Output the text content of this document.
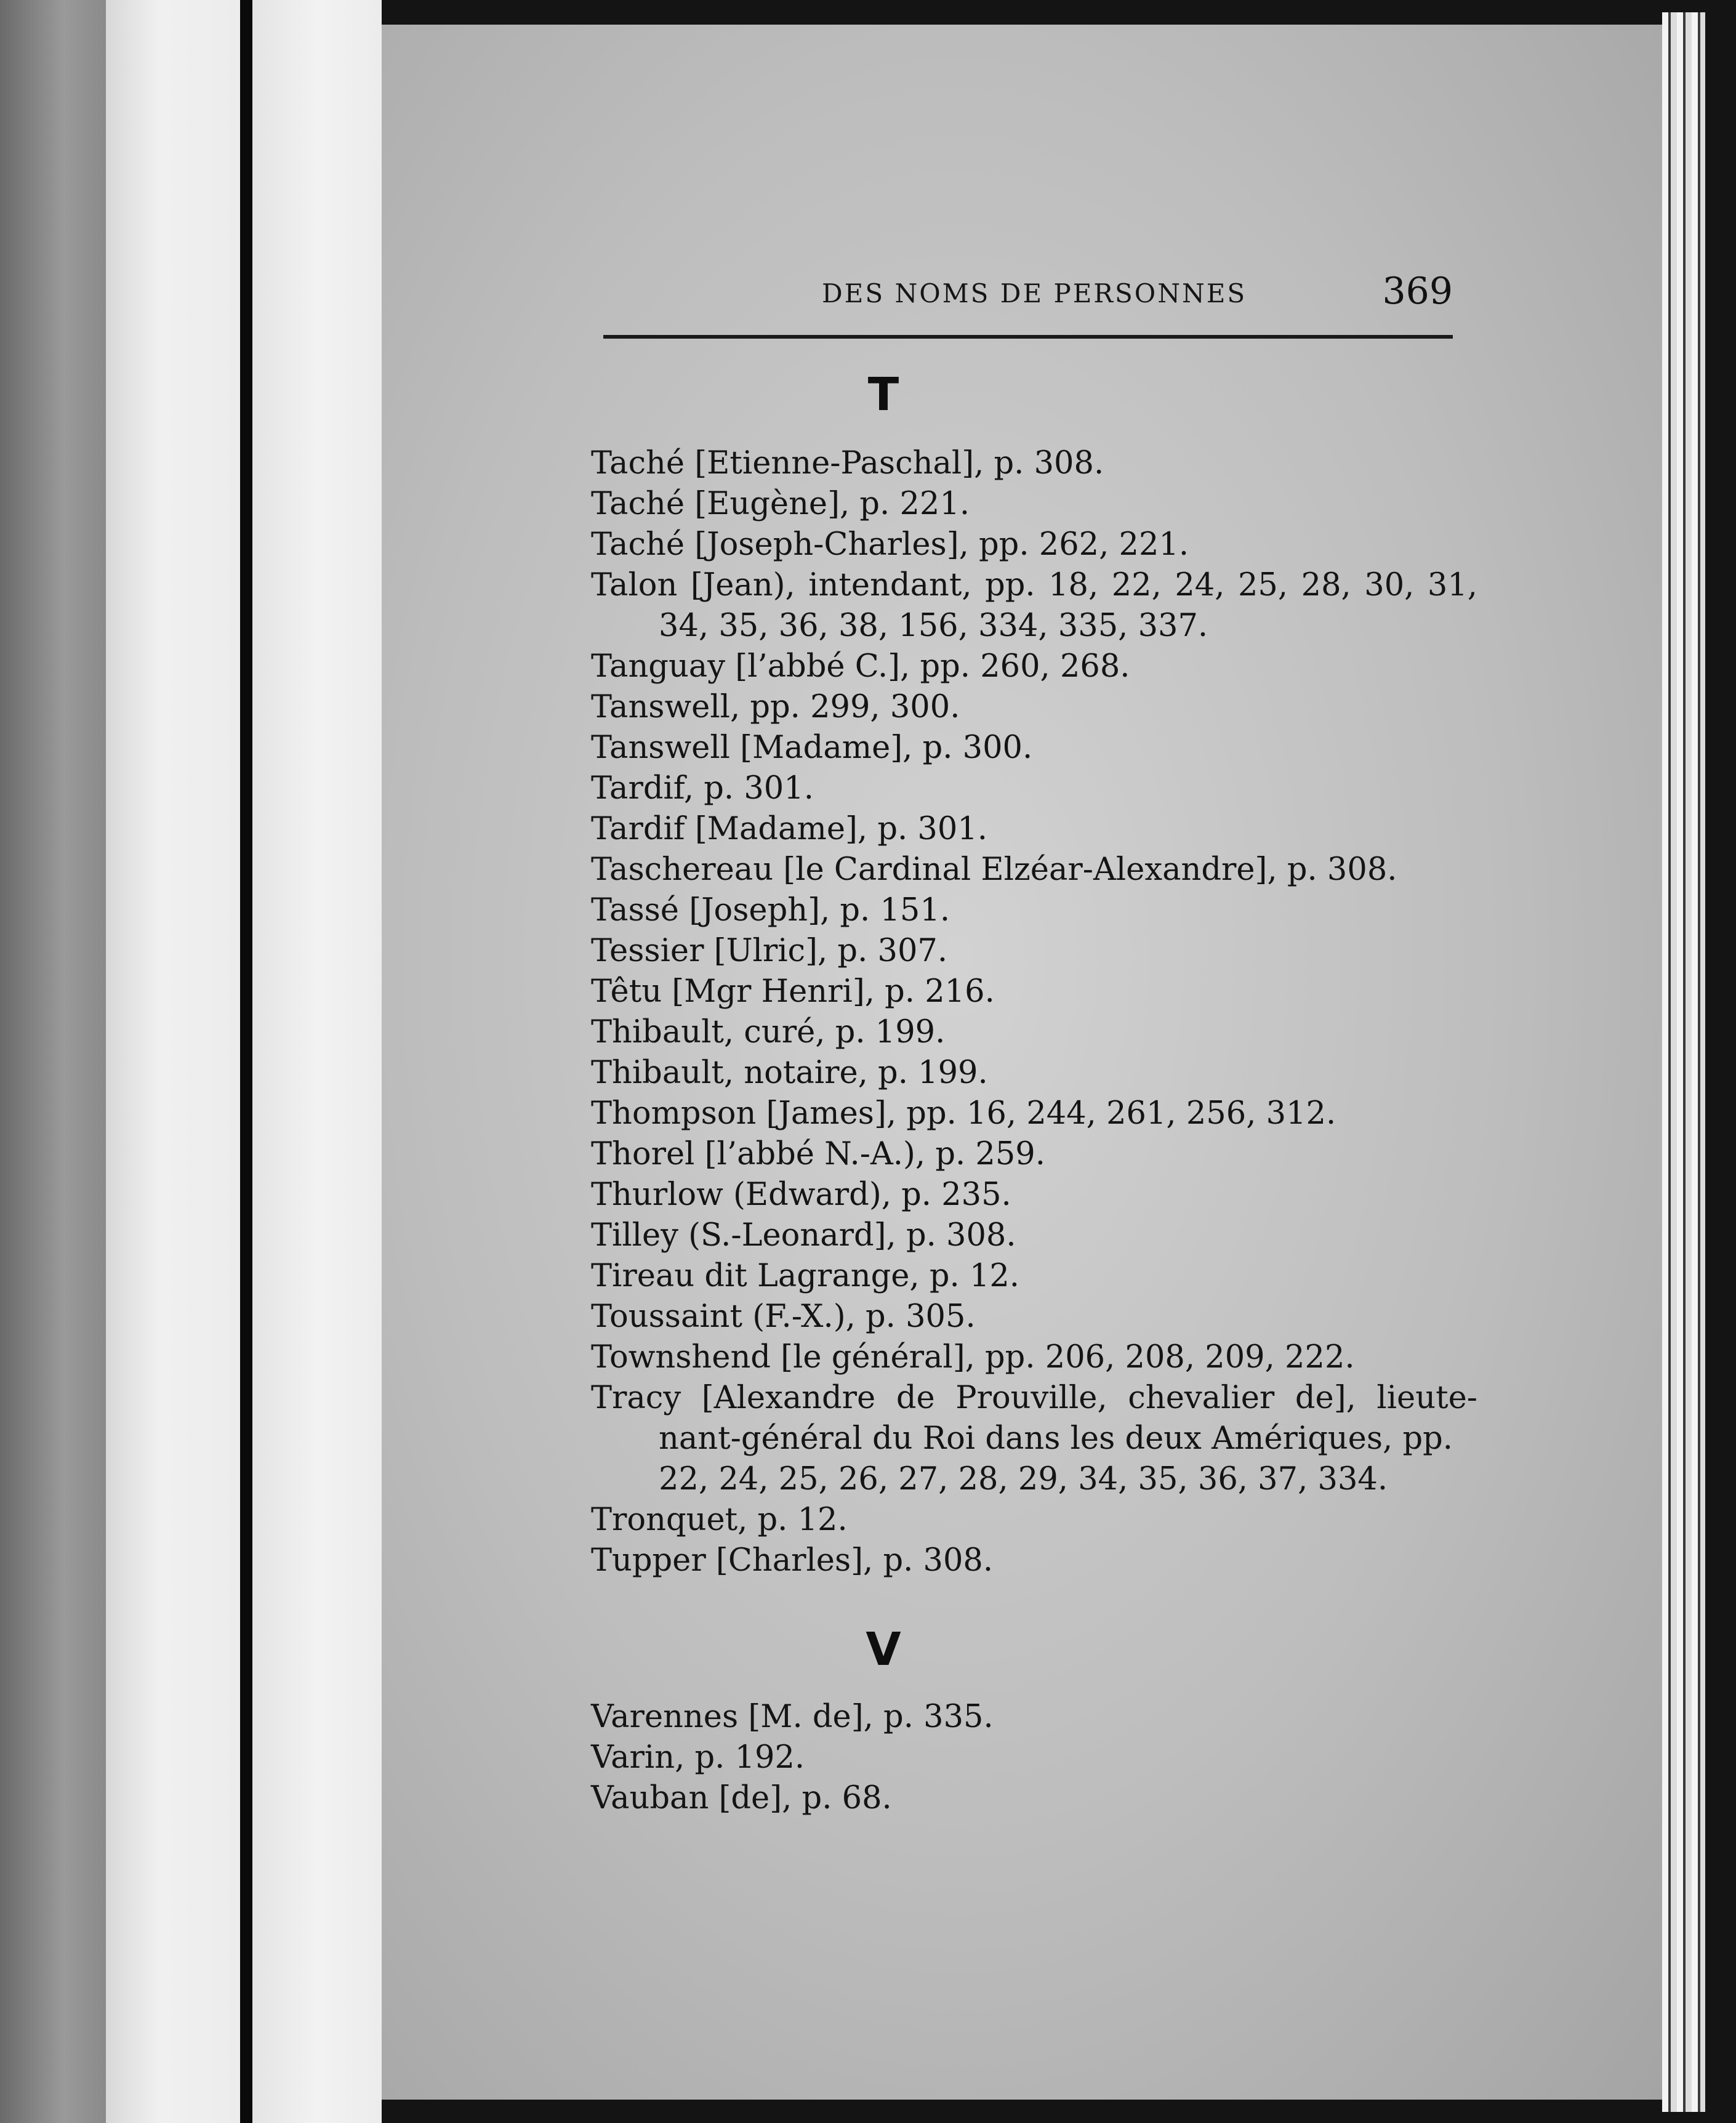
DES NOMS DE PERSONNES	369
T
Taché [Etienne-Paschal], p. 308.
Taché [Eugène], p. 221.
Taché [Joseph-Charles], pp. 262, 221.
Talon [Jean), intendant, pp. 18, 22, 24, 25, 28, 30, 31,
34, 35, 36, 38, 156, 334, 335, 337.
Tanguay [l’abbé C.], pp. 260, 268.
Tanswell, pp. 299, 300.
Tanswell [Madame], p. 300.
Tardif, p. 301.
Tardif [Madame], p. 301.
Taschereau [le Cardinal Elzéar-Alexandre], p. 308.
Tassé [Joseph], p. 151.
Tessier [Ulric], p. 307.
Têtu [Mgr Henri], p. 216.
Thibault, curé, p. 199.
Thibault, notaire, p. 199.
Thompson [James], pp. 16, 244, 261, 256, 312.
Thorel [l’abbé N.-A.), p. 259.
Thurlow (Edward), p. 235.
Tilley (S.-Leonard], p. 308.
Tireau dit Lagrange, p. 12.
Toussaint (F.-X.), p. 305.
Townshend [le général], pp. 206, 208, 209, 222.
Tracy [Alexandre de Prouville, chevalier de], lieute-
nant-général du Roi dans les deux Amériques, pp.
22, 24, 25, 26, 27, 28, 29, 34, 35, 36, 37, 334.
Tronquet, p. 12.
Tupper [Charles], p. 308.
V
Varennes [M. de], p. 335.
Varin, p. 192.
Vauban [de], p. 68.
